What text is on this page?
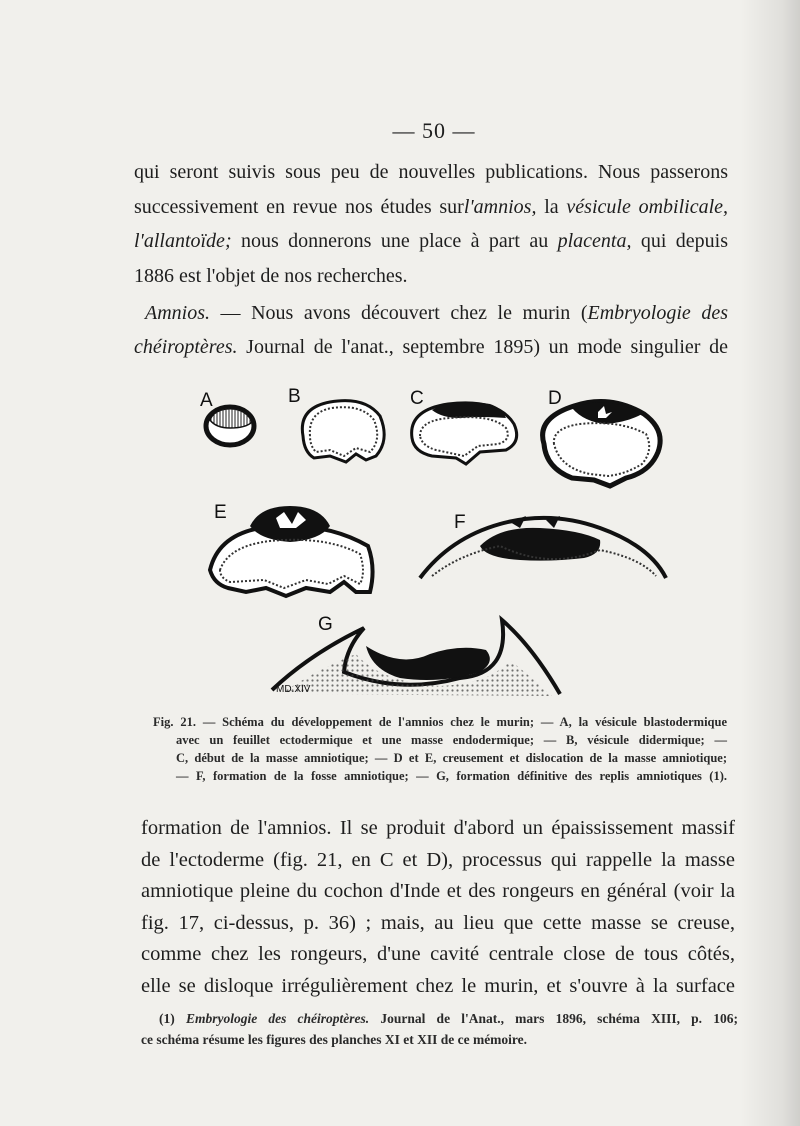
— 50 —

qui seront suivis sous peu de nouvelles publications. Nous passerons
successivement en revue nos études surl'amnios, la vésicule ombilicale,
l'allantoïde; nous donnerons une place à part au placenta, qui depuis
1886 est l'objet de nos recherches.

Amnios. — Nous avons découvert chez le murin (Embryologie des
chéiroptères. Journal de l'anat., septembre 1895) un mode singulier de

A	B	C	D
E	F
G
MD.XIV
Fig. 21. — Schéma du développement de l'amnios chez le murin; — A, la vésicule blastodermique
avec un feuillet ectodermique et une masse endodermique; — B, vésicule didermique; —
C, début de la masse amniotique; — D et E, creusement et dislocation de la masse amniotique;
— F, formation de la fosse amniotique; — G, formation définitive des replis amniotiques (1).

formation de l'amnios. Il se produit d'abord un épaississement massif
de l'ectoderme (fig. 21, en C et D), processus qui rappelle la masse
amniotique pleine du cochon d'Inde et des rongeurs en général (voir la
fig. 17, ci-dessus, p. 36) ; mais, au lieu que cette masse se creuse,
comme chez les rongeurs, d'une cavité centrale close de tous côtés,
elle se disloque irrégulièrement chez le murin, et s'ouvre à la surface

(1) Embryologie des chéiroptères. Journal de l'Anat., mars 1896, schéma XIII, p. 106;
ce schéma résume les figures des planches XI et XII de ce mémoire.
